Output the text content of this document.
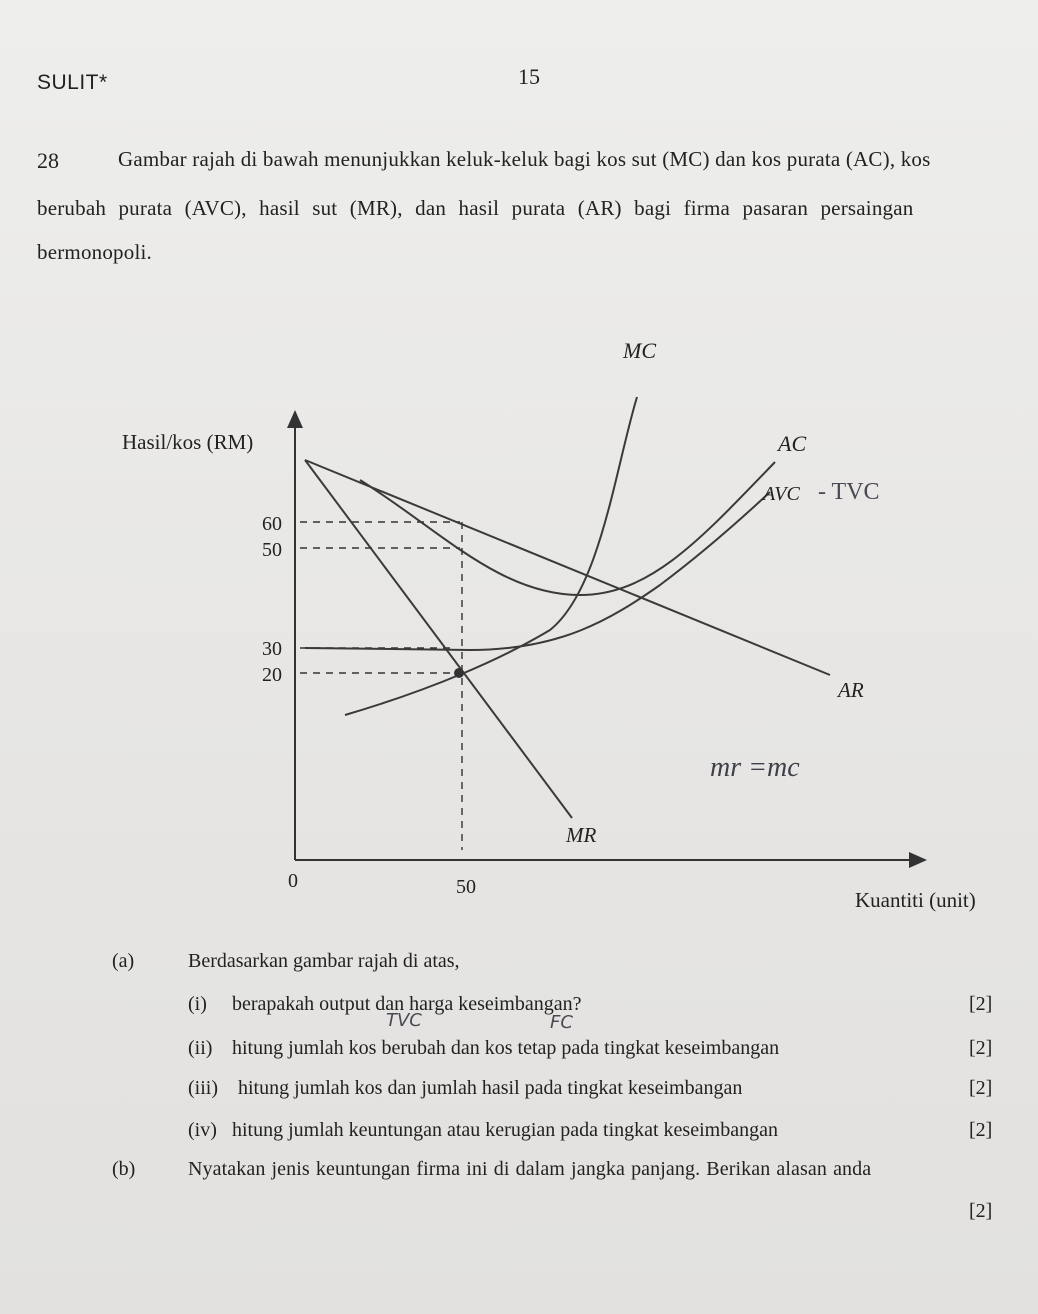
SULIT*	15
28	Gambar rajah di bawah menunjukkan keluk-keluk bagi kos sut (MC) dan kos purata (AC), kos
berubah purata (AVC), hasil sut (MR), dan hasil purata (AR) bagi firma pasaran persaingan
bermonopoli.
Hasil/kos (RM)
Kuantiti (unit)
0
60
50
30
20
50
MC
AC
AVC
AR
MR
- TVC
mr =mc
(a)	Berdasarkan gambar rajah di atas,
TVC	FC
(i) berapakah output dan harga keseimbangan?	[2]
(ii) hitung jumlah kos berubah dan kos tetap pada tingkat keseimbangan	[2]
(iii) hitung jumlah kos dan jumlah hasil pada tingkat keseimbangan	[2]
(iv) hitung jumlah keuntungan atau kerugian pada tingkat keseimbangan	[2]
(b)	Nyatakan jenis keuntungan firma ini di dalam jangka panjang. Berikan alasan anda
[2]
